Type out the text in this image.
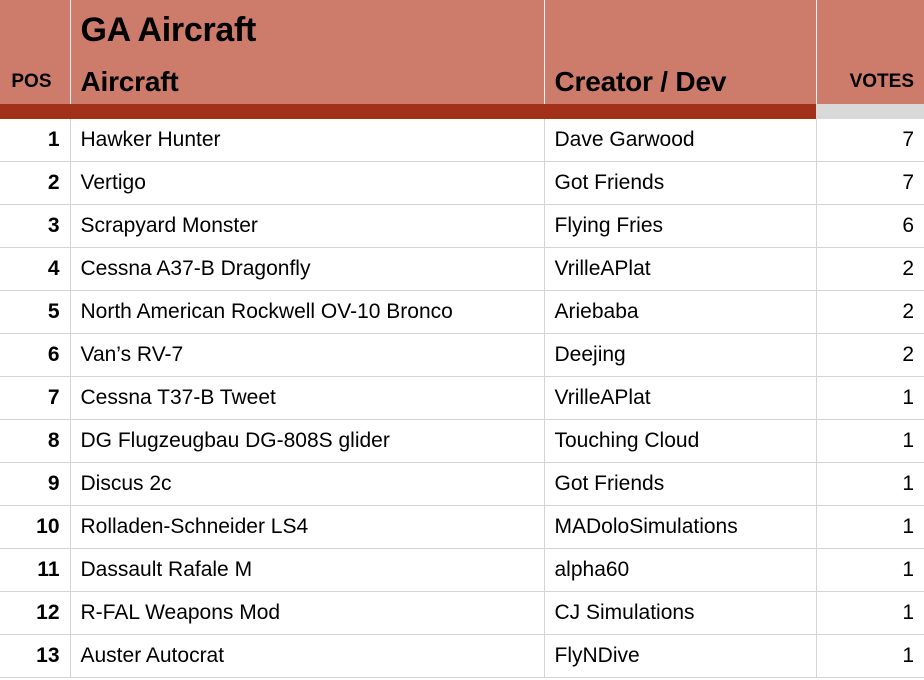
	GA Aircraft		

POS	Aircraft	Creator / Dev	VOTES

1	Hawker Hunter	Dave Garwood	7
2	Vertigo	Got Friends	7
3	Scrapyard Monster	Flying Fries	6
4	Cessna A37-B Dragonfly	VrilleAPlat	2
5	North American Rockwell OV-10 Bronco	Ariebaba	2
6	Van’s RV-7	Deejing	2
7	Cessna T37-B Tweet	VrilleAPlat	1
8	DG Flugzeugbau DG-808S glider	Touching Cloud	1
9	Discus 2c	Got Friends	1
10	Rolladen-Schneider LS4	MADoloSimulations	1
11	Dassault Rafale M	alpha60	1
12	R-FAL Weapons Mod	CJ Simulations	1
13	Auster Autocrat	FlyNDive	1
